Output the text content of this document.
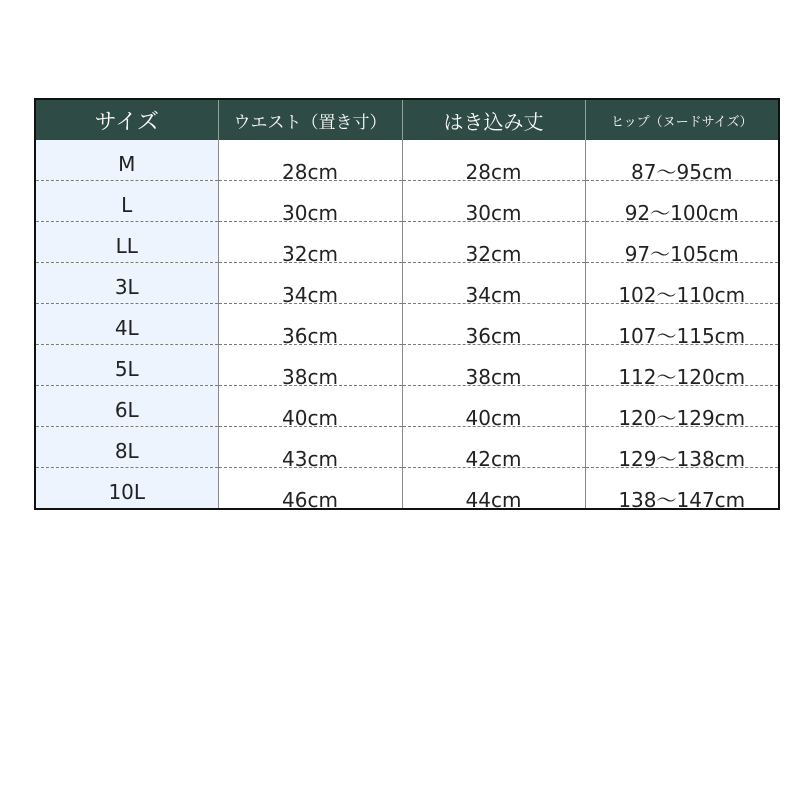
サイズ	ウエスト（置き寸）	はき込み丈	ヒップ（ヌードサイズ）
M	28cm	28cm	87〜95cm
L	30cm	30cm	92〜100cm
LL	32cm	32cm	97〜105cm
3L	34cm	34cm	102〜110cm
4L	36cm	36cm	107〜115cm
5L	38cm	38cm	112〜120cm
6L	40cm	40cm	120〜129cm
8L	43cm	42cm	129〜138cm
10L	46cm	44cm	138〜147cm
